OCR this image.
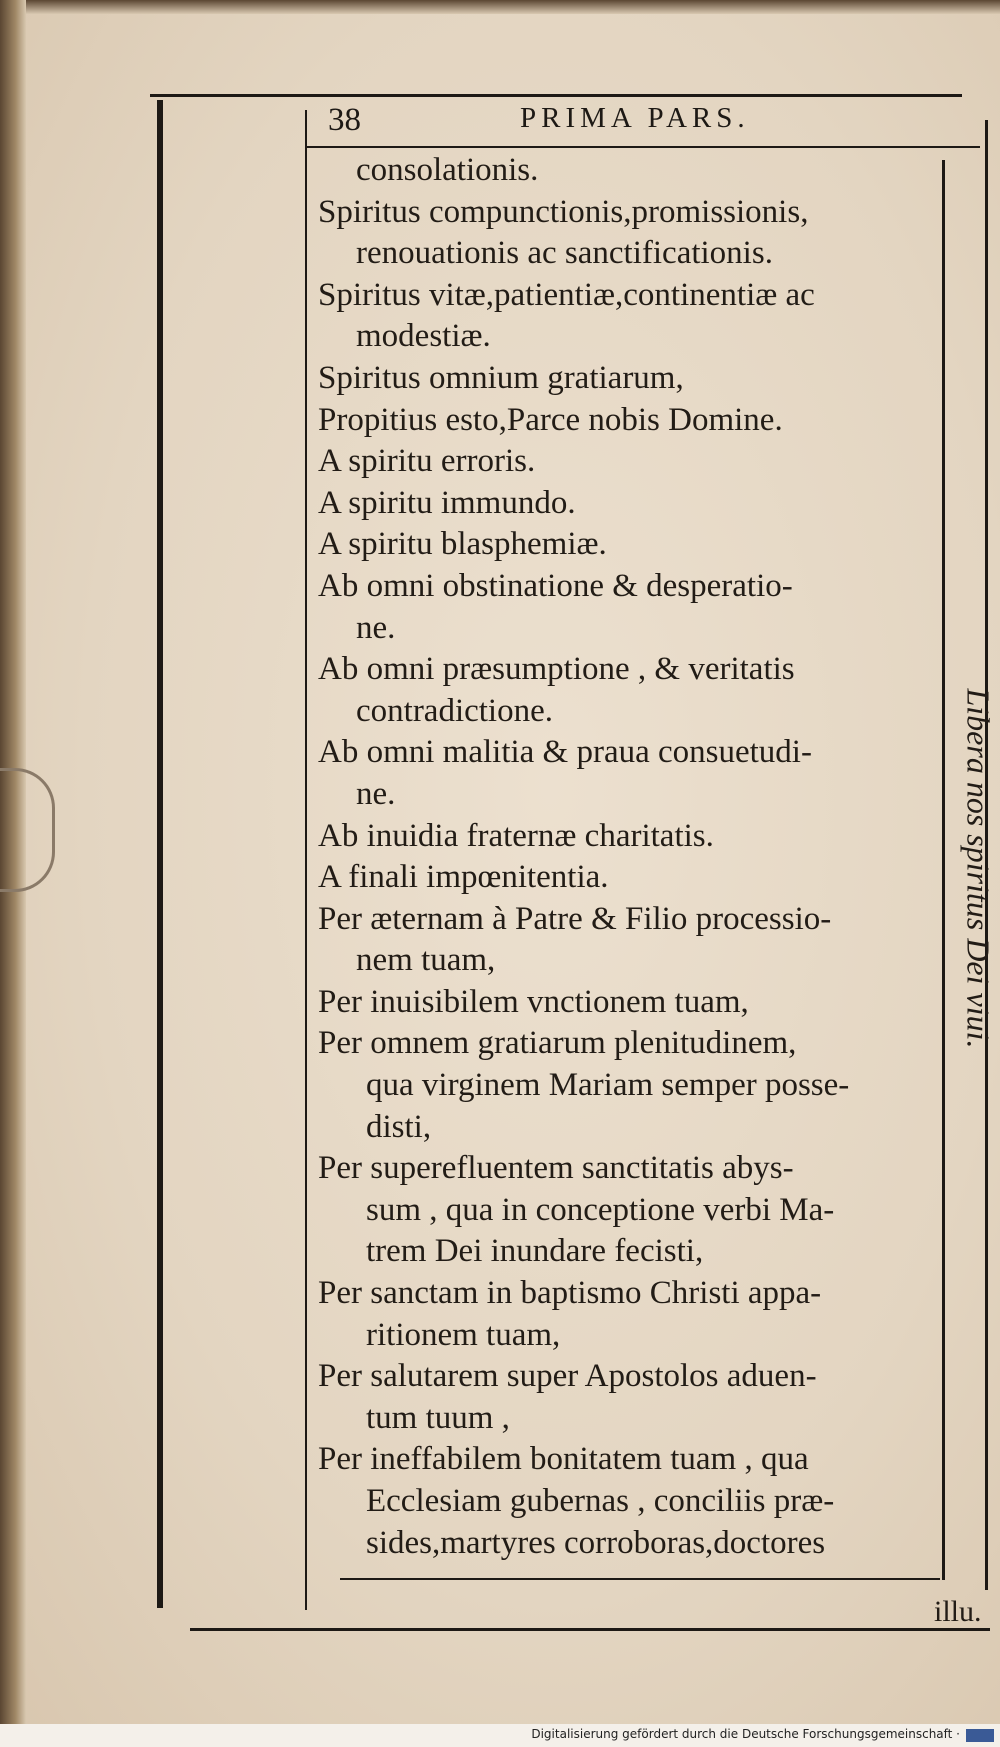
38	PRIMA PARS.
consolationis.
Spiritus compunctionis,promissionis,
renouationis ac sanctificationis.
Spiritus vitæ,patientiæ,continentiæ ac
modestiæ.
Spiritus omnium gratiarum,
Propitius esto,Parce nobis Domine.
A spiritu erroris.
A spiritu immundo.
A spiritu blasphemiæ.
Ab omni obstinatione & desperatio-
ne.
Ab omni præsumptione , & veritatis
contradictione.
Ab omni malitia & praua consuetudi-
ne.
Ab inuidia fraternæ charitatis.
A finali impœnitentia.
Per æternam à Patre & Filio processio-
nem tuam,
Per inuisibilem vnctionem tuam,
Per omnem gratiarum plenitudinem,
qua virginem Mariam semper posse-
disti,
Per superefluentem sanctitatis abys-
sum , qua in conceptione verbi Ma-
trem Dei inundare fecisti,
Per sanctam in baptismo Christi appa-
ritionem tuam,
Per salutarem super Apostolos aduen-
tum tuum ,
Per ineffabilem bonitatem tuam , qua
Ecclesiam gubernas , conciliis præ-
sides,martyres corroboras,doctores
Libera nos spiritus Dei viui.
illu.
Digitalisierung gefördert durch die Deutsche Forschungsgemeinschaft ·
